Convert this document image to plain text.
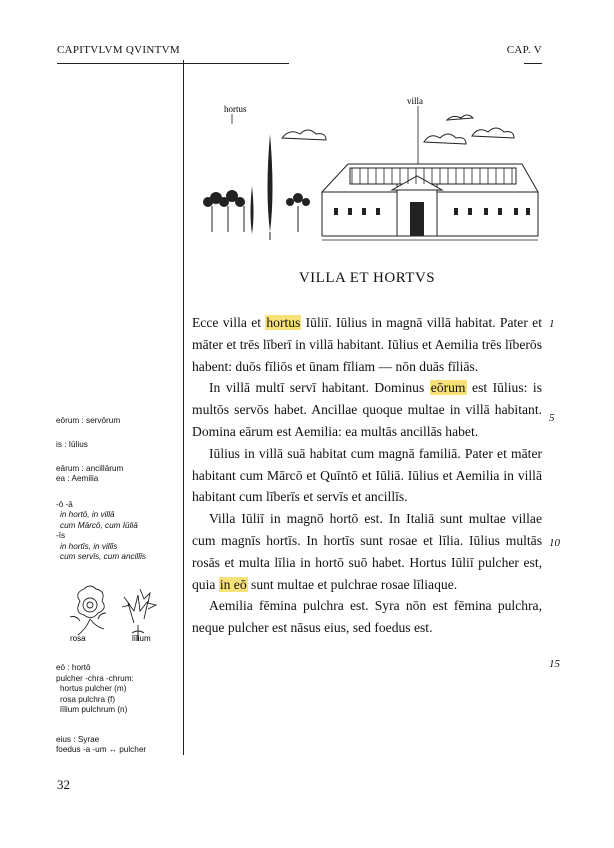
CAPITVLVM QVINTVM	CAP. V
hortus
villa
VILLA ET HORTVS

Ecce villa et hortus Iūliī. Iūlius in magnā villā habitat. Pater et māter et trēs līberī in villā habitant. Iūlius et Aemilia trēs līberōs habent: duōs fīliōs et ūnam fīliam — nōn duās fīliās.

In villā multī servī habitant. Dominus eōrum est Iūlius: is multōs servōs habet. Ancillae quoque multae in villā habitant. Domina eārum est Aemilia: ea multās ancillās habet.

Iūlius in villā suā habitat cum magnā familiā. Pater et māter habitant cum Mārcō et Quīntō et Iūliā. Iūlius et Aemilia in villā habitant cum līberīs et servīs et ancillīs.

Villa Iūliī in magnō hortō est. In Italiā sunt multae villae cum magnīs hortīs. In hortīs sunt rosae et līlia. Iūlius multās rosās et multa līlia in hortō suō habet. Hortus Iūliī pulcher est, quia in eō sunt multae et pulchrae rosae līliaque.

Aemilia fēmina pulchra est. Syra nōn est fēmina pulchra, neque pulcher est nāsus eius, sed foedus est.

1
5
10
15
eōrum : servōrum
is : Iūlius
eārum : ancillārum
ea : Aemilia
-ō -ā
in hortō, in villā
cum Mārcō, cum Iūliā
-īs
in hortīs, in villīs
cum servīs, cum ancillīs
rosa	līlium
eō : hortō
pulcher -chra -chrum:
hortus pulcher (m)
rosa pulchra (f)
līlium pulchrum (n)
eius : Syrae
foedus -a -um ↔ pulcher
32
